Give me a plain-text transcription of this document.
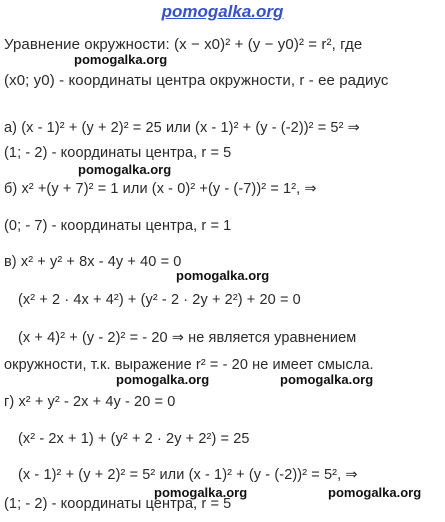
pomogalka.org
pomogalka.org
pomogalka.org
pomogalka.org
pomogalka.org	pomogalka.org
pomogalka.org	pomogalka.org
Уравнение окружности: (x − x0)² + (y − y0)² = r², где
(x0; y0) - координаты центра окружности, r - ее радиус
а) (x - 1)² + (y + 2)² = 25 или (x - 1)² + (y - (-2))² = 5² ⇒
(1; - 2) - координаты центра, r = 5
б) x² +(y + 7)² = 1 или (x - 0)² +(y - (-7))² = 1², ⇒
(0; - 7) - координаты центра, r = 1
в) x² + y² + 8x - 4y + 40 = 0
(x² + 2 · 4x + 4²) + (y² - 2 · 2y + 2²) + 20 = 0
(x + 4)² + (y - 2)² = - 20 ⇒ не является уравнением
окружности, т.к. выражение r² = - 20 не имеет смысла.
г) x² + y² - 2x + 4y - 20 = 0
(x² - 2x + 1) + (y² + 2 · 2y + 2²) = 25
(x - 1)² + (y + 2)² = 5² или (x - 1)² + (y - (-2))² = 5², ⇒
(1; - 2) - координаты центра, r = 5
